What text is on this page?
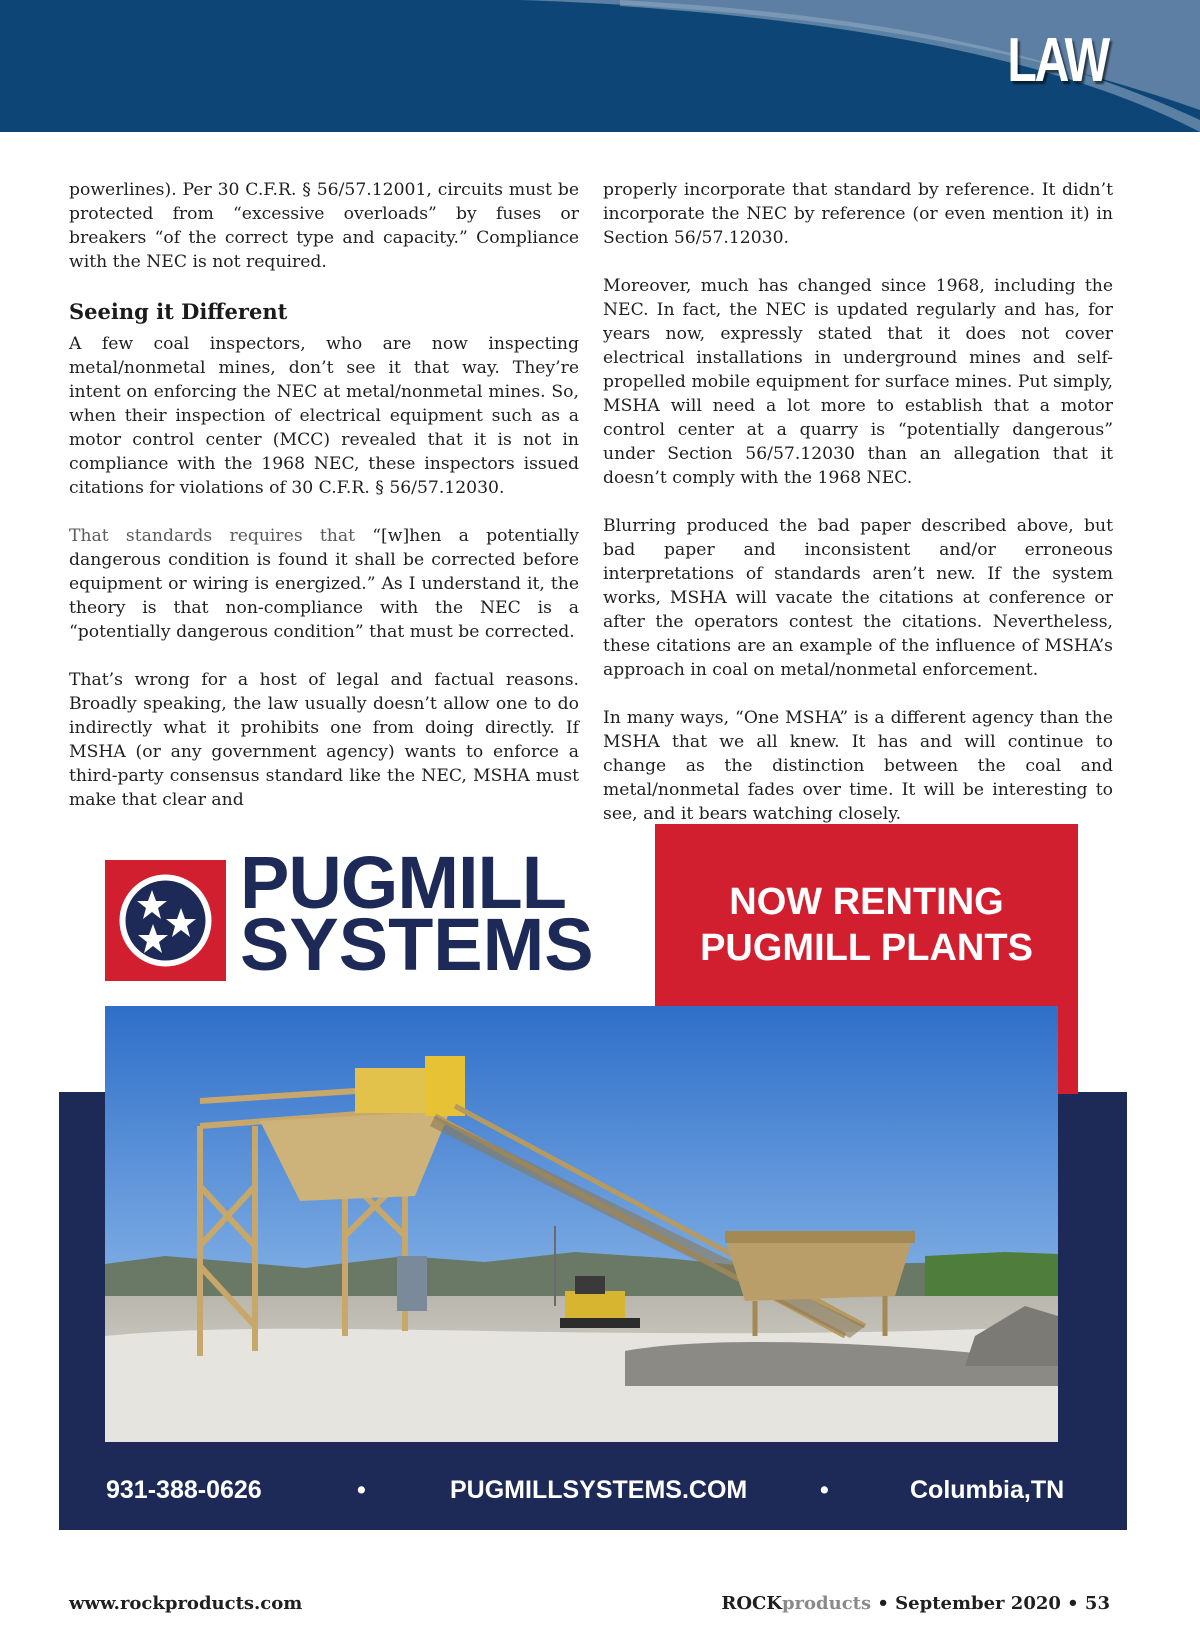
LAW

powerlines). Per 30 C.F.R. § 56/57.12001, circuits must be protected from “excessive overloads” by fuses or breakers “of the correct type and capacity.” Compliance with the NEC is not required.

Seeing it Different

A few coal inspectors, who are now inspecting metal/nonmetal mines, don’t see it that way. They’re intent on enforcing the NEC at metal/nonmetal mines. So, when their inspection of electrical equipment such as a motor control center (MCC) revealed that it is not in compliance with the 1968 NEC, these inspectors issued citations for violations of 30 C.F.R. § 56/57.12030.

That standards requires that “[w]hen a potentially dangerous condition is found it shall be corrected before equipment or wiring is energized.” As I understand it, the theory is that non-compliance with the NEC is a “potentially dangerous condition” that must be corrected.

That’s wrong for a host of legal and factual reasons. Broadly speaking, the law usually doesn’t allow one to do indirectly what it prohibits one from doing directly. If MSHA (or any government agency) wants to enforce a third-party consensus standard like the NEC, MSHA must make that clear and

properly incorporate that standard by reference. It didn’t incorporate the NEC by reference (or even mention it) in Section 56/57.12030.

Moreover, much has changed since 1968, including the NEC. In fact, the NEC is updated regularly and has, for years now, expressly stated that it does not cover electrical installations in underground mines and self-propelled mobile equipment for surface mines. Put simply, MSHA will need a lot more to establish that a motor control center at a quarry is “potentially dangerous” under Section 56/57.12030 than an allegation that it doesn’t comply with the 1968 NEC.

Blurring produced the bad paper described above, but bad paper and inconsistent and/or erroneous interpretations of standards aren’t new. If the system works, MSHA will vacate the citations at conference or after the operators contest the citations. Nevertheless, these citations are an example of the influence of MSHA’s approach in coal on metal/nonmetal enforcement.

In many ways, “One MSHA” is a different agency than the MSHA that we all knew. It has and will continue to change as the distinction between the coal and metal/nonmetal fades over time. It will be interesting to see, and it bears watching closely.

NOW RENTING
PUGMILL PLANTS
PUGMILL
SYSTEMS
931-388-0626	•	PUGMILLSYSTEMS.COM	•	Columbia,TN
www.rockproducts.com	ROCKproducts • September 2020 • 53
